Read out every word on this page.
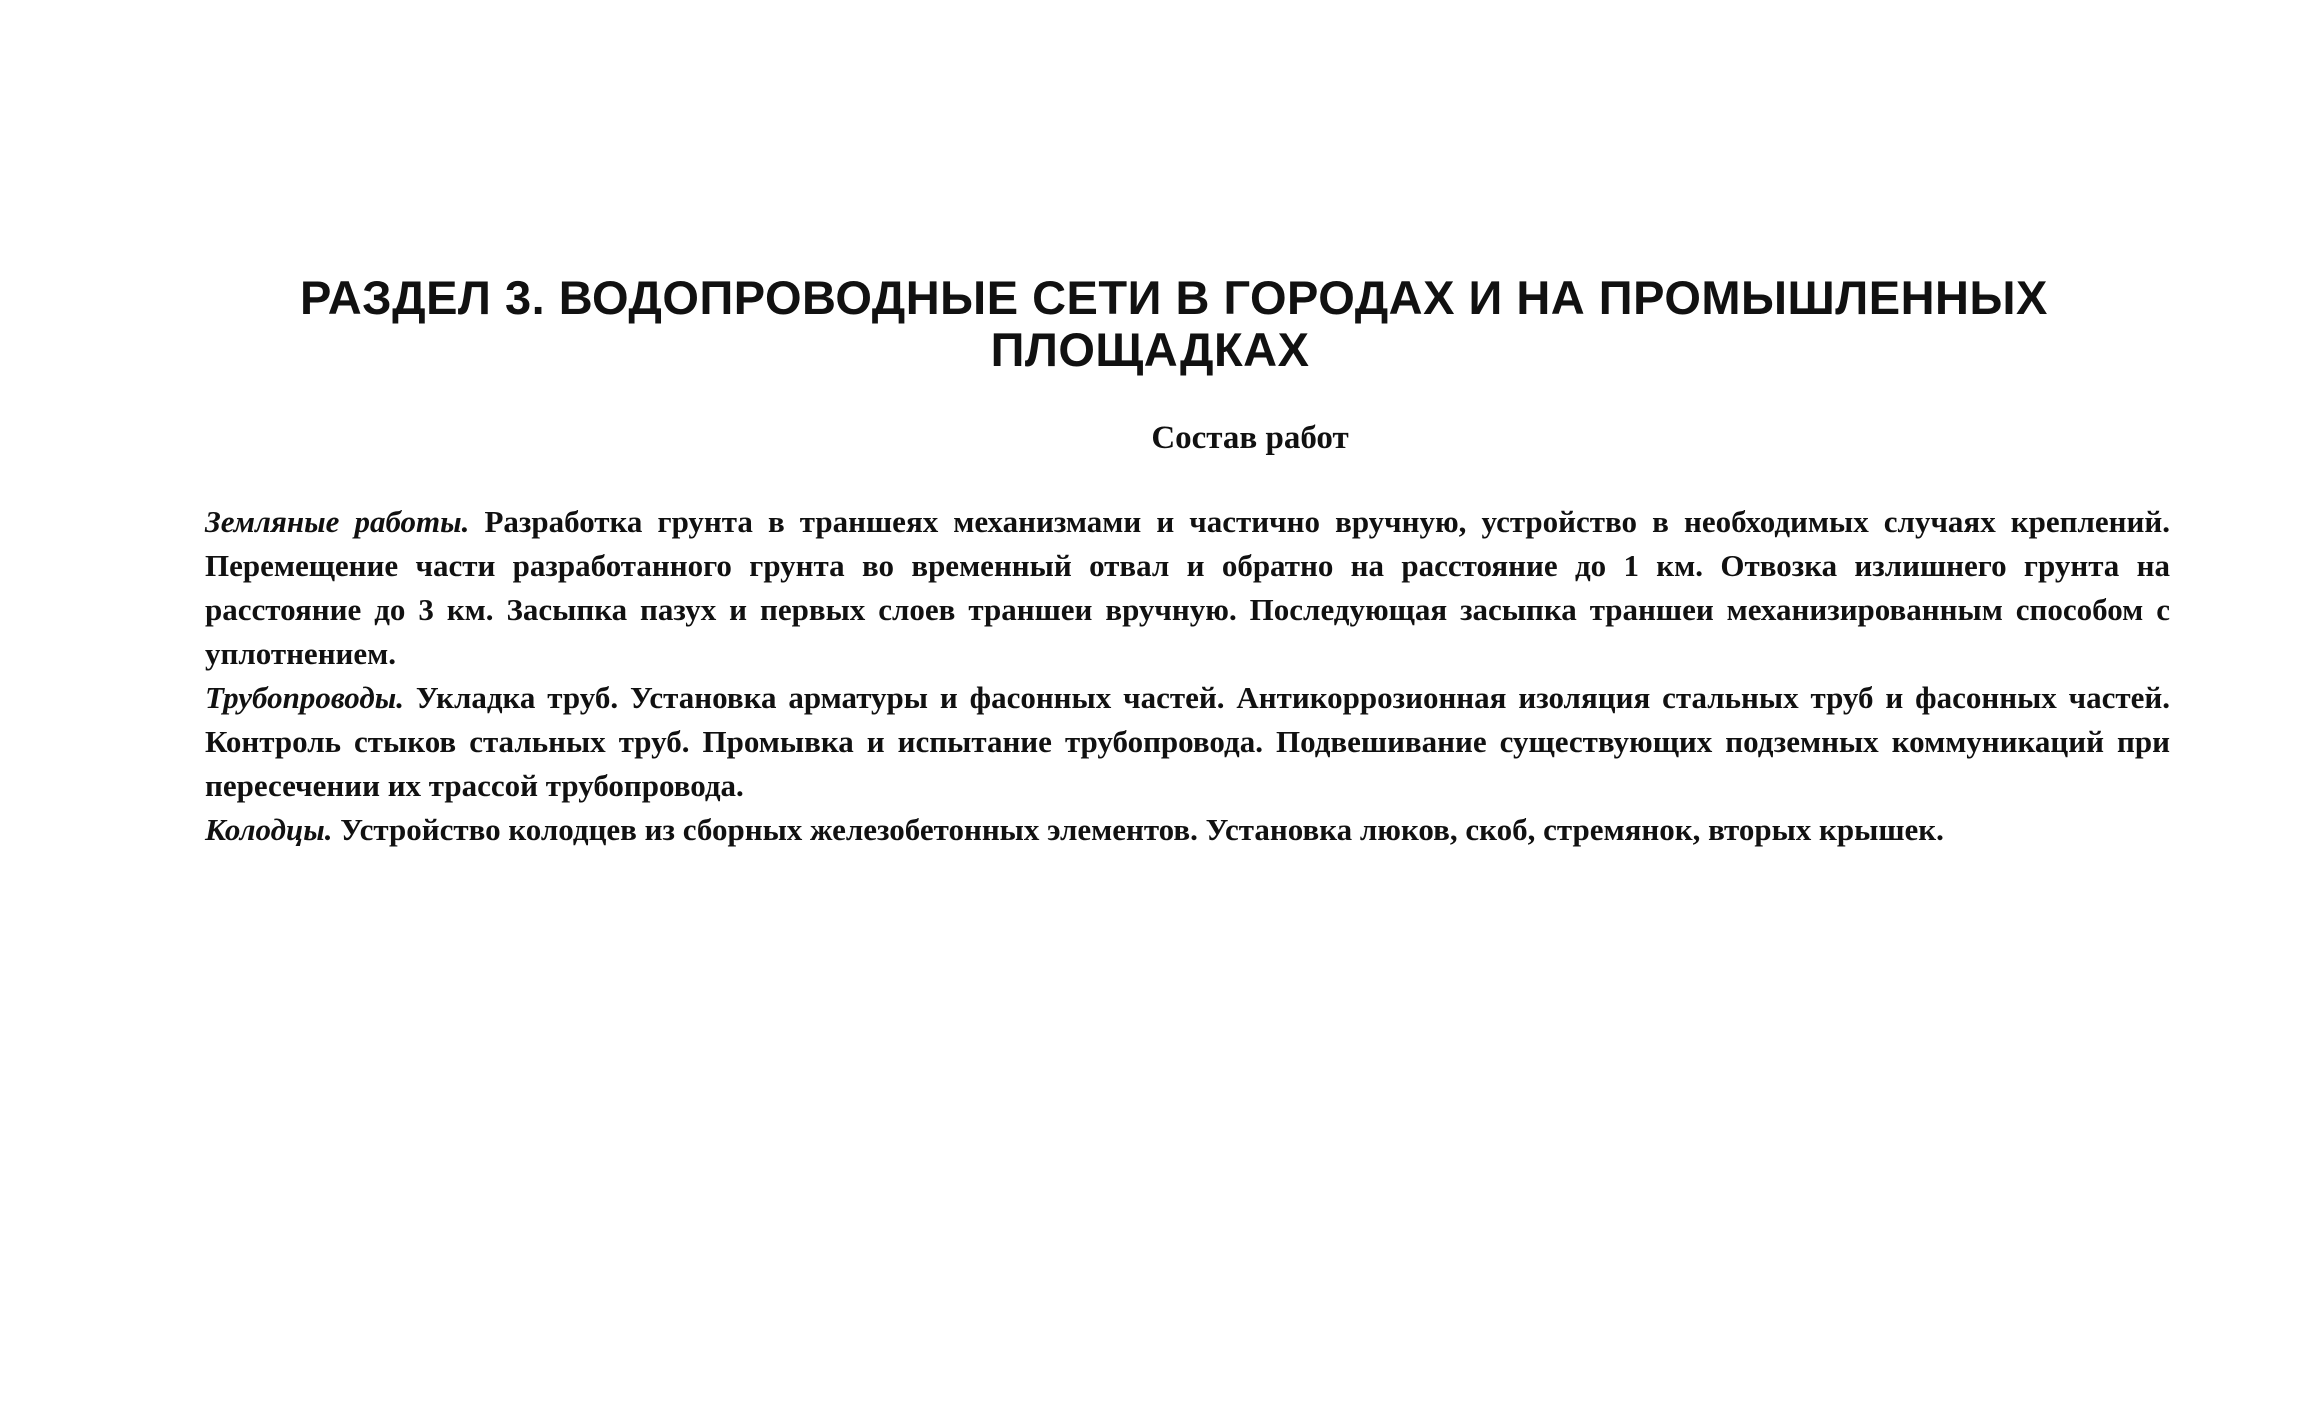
РАЗДЕЛ 3. ВОДОПРОВОДНЫЕ СЕТИ В ГОРОДАХ И НА ПРОМЫШЛЕННЫХ
ПЛОЩАДКАХ
Состав работ

Земляные работы. Разработка грунта в траншеях механизмами и частично вручную, устройство в необходимых случаях креплений. Перемещение части разработанного грунта во временный отвал и обратно на расстояние до 1 км. Отвозка излишнего грунта на расстояние до 3 км. Засыпка пазух и первых слоев траншеи вручную. Последующая засыпка траншеи механизированным способом с уплотнением.

Трубопроводы. Укладка труб. Установка арматуры и фасонных частей. Антикоррозионная изоляция стальных труб и фасонных частей. Контроль стыков стальных труб. Промывка и испытание трубопровода. Подвешивание существующих подземных коммуникаций при пересечении их трассой трубопровода.

Колодцы. Устройство колодцев из сборных железобетонных элементов. Установка люков, скоб, стремянок, вторых крышек.
